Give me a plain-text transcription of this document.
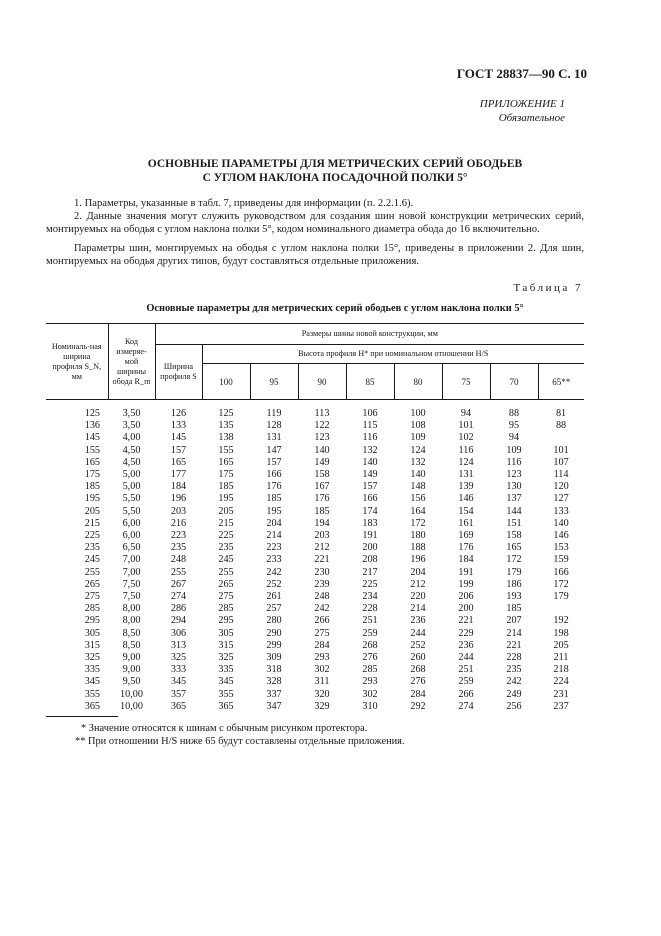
ГОСТ 28837—90 С. 10
ПРИЛОЖЕНИЕ 1
Обязательное
ОСНОВНЫЕ ПАРАМЕТРЫ ДЛЯ МЕТРИЧЕСКИХ СЕРИЙ ОБОДЬЕВ
С УГЛОМ НАКЛОНА ПОСАДОЧНОЙ ПОЛКИ 5°
1. Параметры, указанные в табл. 7, приведены для информации (п. 2.2.1.6).
2. Данные значения могут служить руководством для создания шин новой конструкции метрических серий, монтируемых на ободья с углом наклона полки 5°, кодом номинального диаметра обода до 16 включительно.
Параметры шин, монтируемых на ободья с углом наклона полки 15°, приведены в приложении 2. Для шин, монтируемых на ободья других типов, будут составляться отдельные приложения.
Таблица 7
Основные параметры для метрических серий ободьев с углом наклона полки 5°
Номиналь-ная ширина профиля S_N, мм	Код измеряе-мой ширины обода R_m	Размеры шины новой конструкции, мм								
		Ширина профиля S	Высота профиля H* при номинальном отношении H/S							
			100	95	90	85	80	75	70	65**
125	3,50	126	125	119	113	106	100	94	88	81
136	3,50	133	135	128	122	115	108	101	95	88
145	4,00	145	138	131	123	116	109	102	94	
155	4,50	157	155	147	140	132	124	116	109	101
165	4,50	165	165	157	149	140	132	124	116	107
175	5,00	177	175	166	158	149	140	131	123	114
185	5,00	184	185	176	167	157	148	139	130	120
195	5,50	196	195	185	176	166	156	146	137	127
205	5,50	203	205	195	185	174	164	154	144	133
215	6,00	216	215	204	194	183	172	161	151	140
225	6,00	223	225	214	203	191	180	169	158	146
235	6,50	235	235	223	212	200	188	176	165	153
245	7,00	248	245	233	221	208	196	184	172	159
255	7,00	255	255	242	230	217	204	191	179	166
265	7,50	267	265	252	239	225	212	199	186	172
275	7,50	274	275	261	248	234	220	206	193	179
285	8,00	286	285	257	242	228	214	200	185	
295	8,00	294	295	280	266	251	236	221	207	192
305	8,50	306	305	290	275	259	244	229	214	198
315	8,50	313	315	299	284	268	252	236	221	205
325	9,00	325	325	309	293	276	260	244	228	211
335	9,00	333	335	318	302	285	268	251	235	218
345	9,50	345	345	328	311	293	276	259	242	224
355	10,00	357	355	337	320	302	284	266	249	231
365	10,00	365	365	347	329	310	292	274	256	237
* Значение относятся к шинам с обычным рисунком протектора.
** При отношении H/S ниже 65 будут составлены отдельные приложения.
